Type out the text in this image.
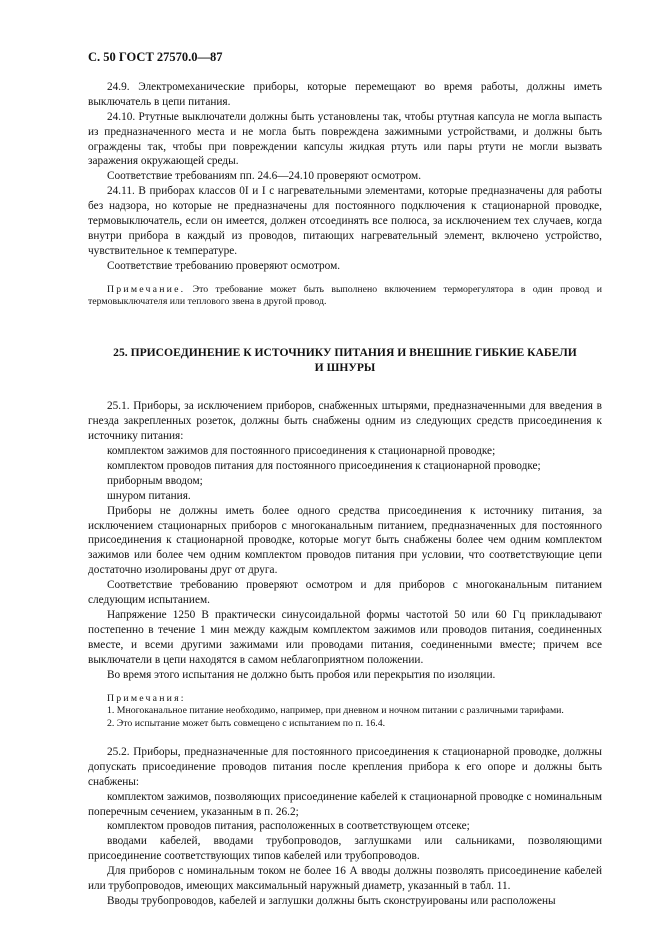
С. 50 ГОСТ 27570.0—87

24.9. Электромеханические приборы, которые перемещают во время работы, должны иметь выключатель в цепи питания.

24.10. Ртутные выключатели должны быть установлены так, чтобы ртутная капсула не могла выпасть из предназначенного места и не могла быть повреждена зажимными устройствами, и должны быть ограждены так, чтобы при повреждении капсулы жидкая ртуть или пары ртути не могли вызвать заражения окружающей среды.

Соответствие требованиям пп. 24.6—24.10 проверяют осмотром.

24.11. В приборах классов 0I и I с нагревательными элементами, которые предназначены для работы без надзора, но которые не предназначены для постоянного подключения к стационарной проводке, термовыключатель, если он имеется, должен отсоединять все полюса, за исключением тех случаев, когда внутри прибора в каждый из проводов, питающих нагревательный элемент, включено устройство, чувствительное к температуре.

Соответствие требованию проверяют осмотром.

Примечание. Это требование может быть выполнено включением терморегулятора в один провод и термовыключателя или теплового звена в другой провод.

25. ПРИСОЕДИНЕНИЕ К ИСТОЧНИКУ ПИТАНИЯ И ВНЕШНИЕ ГИБКИЕ КАБЕЛИ
И ШНУРЫ

25.1. Приборы, за исключением приборов, снабженных штырями, предназначенными для введения в гнезда закрепленных розеток, должны быть снабжены одним из следующих средств присоединения к источнику питания:

комплектом зажимов для постоянного присоединения к стационарной проводке;

комплектом проводов питания для постоянного присоединения к стационарной проводке;

приборным вводом;

шнуром питания.

Приборы не должны иметь более одного средства присоединения к источнику питания, за исключением стационарных приборов с многоканальным питанием, предназначенных для постоянного присоединения к стационарной проводке, которые могут быть снабжены более чем одним комплектом зажимов или более чем одним комплектом проводов питания при условии, что соответствующие цепи достаточно изолированы друг от друга.

Соответствие требованию проверяют осмотром и для приборов с многоканальным питанием следующим испытанием.

Напряжение 1250 В практически синусоидальной формы частотой 50 или 60 Гц прикладывают постепенно в течение 1 мин между каждым комплектом зажимов или проводов питания, соединенных вместе, и всеми другими зажимами или проводами питания, соединенными вместе; причем все выключатели в цепи находятся в самом неблагоприятном положении.

Во время этого испытания не должно быть пробоя или перекрытия по изоляции.

Примечания:

1. Многоканальное питание необходимо, например, при дневном и ночном питании с различными тарифами.

2. Это испытание может быть совмещено с испытанием по п. 16.4.

25.2. Приборы, предназначенные для постоянного присоединения к стационарной проводке, должны допускать присоединение проводов питания после крепления прибора к его опоре и должны быть снабжены:

комплектом зажимов, позволяющих присоединение кабелей к стационарной проводке с номинальным поперечным сечением, указанным в п. 26.2;

комплектом проводов питания, расположенных в соответствующем отсеке;

вводами кабелей, вводами трубопроводов, заглушками или сальниками, позволяющими присоединение соответствующих типов кабелей или трубопроводов.

Для приборов с номинальным током не более 16 А вводы должны позволять присоединение кабелей или трубопроводов, имеющих максимальный наружный диаметр, указанный в табл. 11.

Вводы трубопроводов, кабелей и заглушки должны быть сконструированы или расположены
